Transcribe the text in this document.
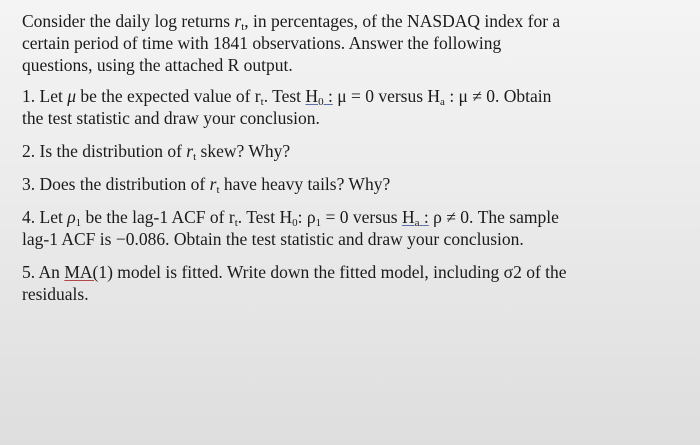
Consider the daily log returns $r_t$, in percentages, of the NASDAQ index for a
certain period of time with 1841 observations. Answer the following
questions, using the attached R output.
1. Let μ be the expected value of $r_t$. Test $H_0$ : μ = 0 versus $H_a$ : μ ≠ 0. Obtain
the test statistic and draw your conclusion.
2. Is the distribution of $r_t$ skew? Why?
3. Does the distribution of $r_t$ have heavy tails? Why?
4. Let $\rho_1$ be the lag-1 ACF of $r_t$. Test $H_0$: $\rho_1 = 0$ versus $H_a$ : ρ ≠ 0. The sample
lag-1 ACF is −0.086. Obtain the test statistic and draw your conclusion.
5. An MA(1) model is fitted. Write down the fitted model, including σ2 of the
residuals.
